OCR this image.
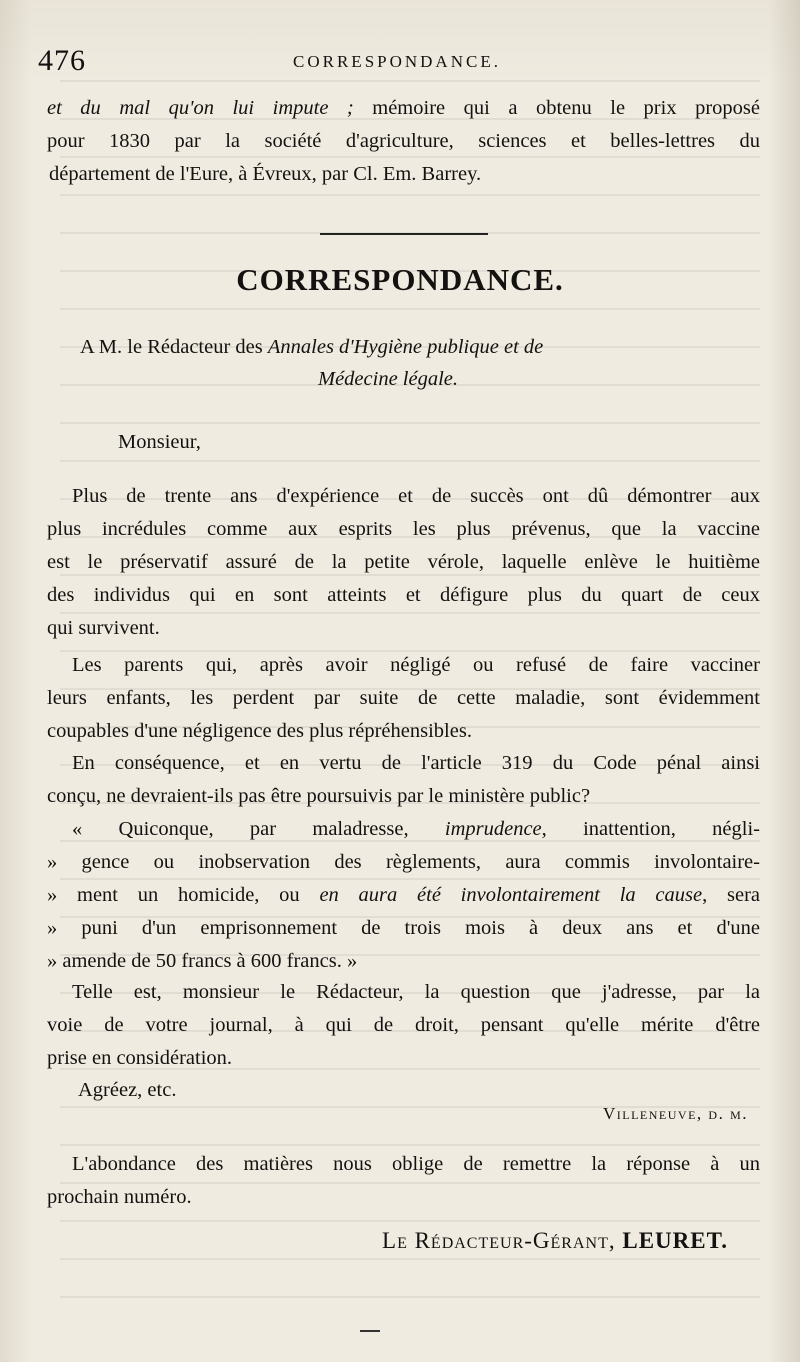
476	CORRESPONDANCE.
et du mal qu'on lui impute ; mémoire qui a obtenu le prix proposé
pour 1830 par la société d'agriculture, sciences et belles-lettres du
département de l'Eure, à Évreux, par Cl. Em. Barrey.
CORRESPONDANCE.
A M. le Rédacteur des Annales d'Hygiène publique et de
Médecine légale.
Monsieur,
Plus de trente ans d'expérience et de succès ont dû démontrer aux
plus incrédules comme aux esprits les plus prévenus, que la vaccine
est le préservatif assuré de la petite vérole, laquelle enlève le huitième
des individus qui en sont atteints et défigure plus du quart de ceux
qui survivent.
Les parents qui, après avoir négligé ou refusé de faire vacciner
leurs enfants, les perdent par suite de cette maladie, sont évidemment
coupables d'une négligence des plus répréhensibles.
En conséquence, et en vertu de l'article 319 du Code pénal ainsi
conçu, ne devraient-ils pas être poursuivis par le ministère public?
« Quiconque, par maladresse, imprudence, inattention, négli-
» gence ou inobservation des règlements, aura commis involontaire-
» ment un homicide, ou en aura été involontairement la cause, sera
» puni d'un emprisonnement de trois mois à deux ans et d'une
» amende de 50 francs à 600 francs. »
Telle est, monsieur le Rédacteur, la question que j'adresse, par la
voie de votre journal, à qui de droit, pensant qu'elle mérite d'être
prise en considération.
Agréez, etc.
Villeneuve, d. m.
L'abondance des matières nous oblige de remettre la réponse à un
prochain numéro.
Le Rédacteur-Gérant, LEURET.
